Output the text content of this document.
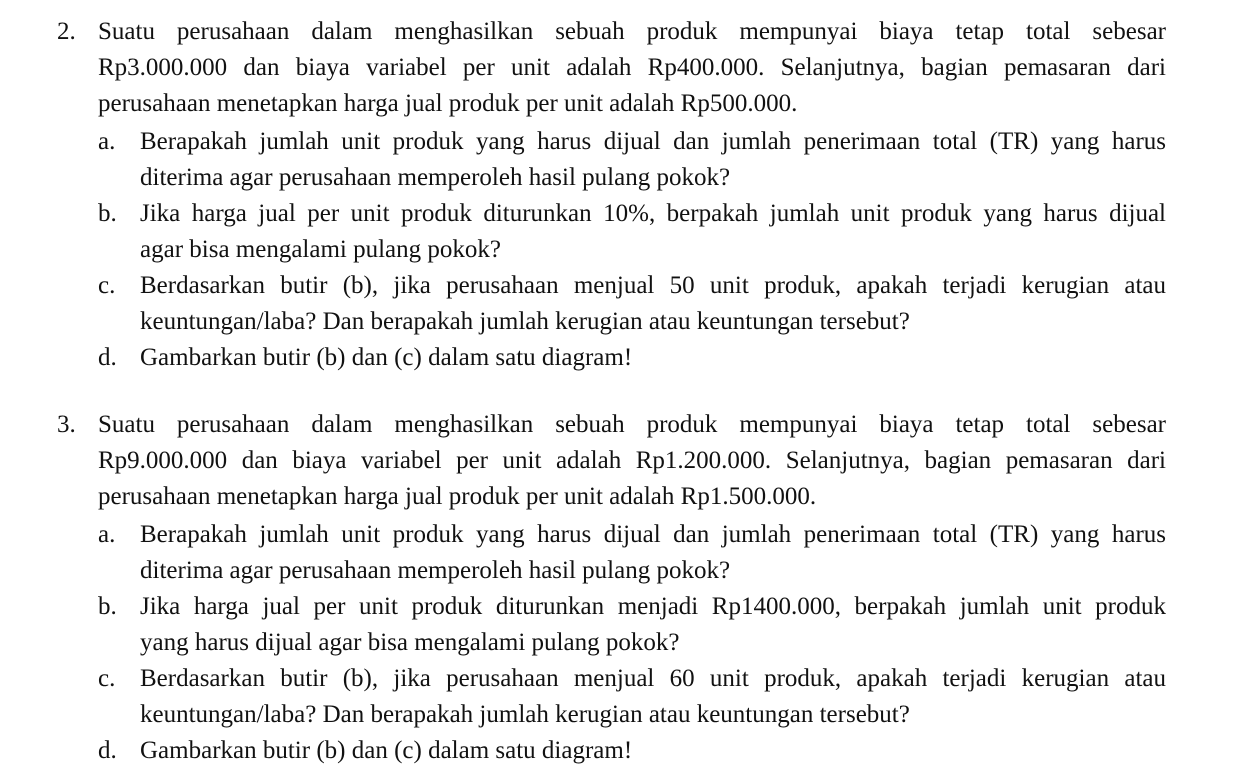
2. Suatu perusahaan dalam menghasilkan sebuah produk mempunyai biaya tetap total sebesar
Rp3.000.000 dan biaya variabel per unit adalah Rp400.000. Selanjutnya, bagian pemasaran dari
perusahaan menetapkan harga jual produk per unit adalah Rp500.000.
a. Berapakah jumlah unit produk yang harus dijual dan jumlah penerimaan total (TR) yang harus
diterima agar perusahaan memperoleh hasil pulang pokok?
b. Jika harga jual per unit produk diturunkan 10%, berpakah jumlah unit produk yang harus dijual
agar bisa mengalami pulang pokok?
c. Berdasarkan butir (b), jika perusahaan menjual 50 unit produk, apakah terjadi kerugian atau
keuntungan/laba? Dan berapakah jumlah kerugian atau keuntungan tersebut?
d. Gambarkan butir (b) dan (c) dalam satu diagram!
3. Suatu perusahaan dalam menghasilkan sebuah produk mempunyai biaya tetap total sebesar
Rp9.000.000 dan biaya variabel per unit adalah Rp1.200.000. Selanjutnya, bagian pemasaran dari
perusahaan menetapkan harga jual produk per unit adalah Rp1.500.000.
a. Berapakah jumlah unit produk yang harus dijual dan jumlah penerimaan total (TR) yang harus
diterima agar perusahaan memperoleh hasil pulang pokok?
b. Jika harga jual per unit produk diturunkan menjadi Rp1400.000, berpakah jumlah unit produk
yang harus dijual agar bisa mengalami pulang pokok?
c. Berdasarkan butir (b), jika perusahaan menjual 60 unit produk, apakah terjadi kerugian atau
keuntungan/laba? Dan berapakah jumlah kerugian atau keuntungan tersebut?
d. Gambarkan butir (b) dan (c) dalam satu diagram!
